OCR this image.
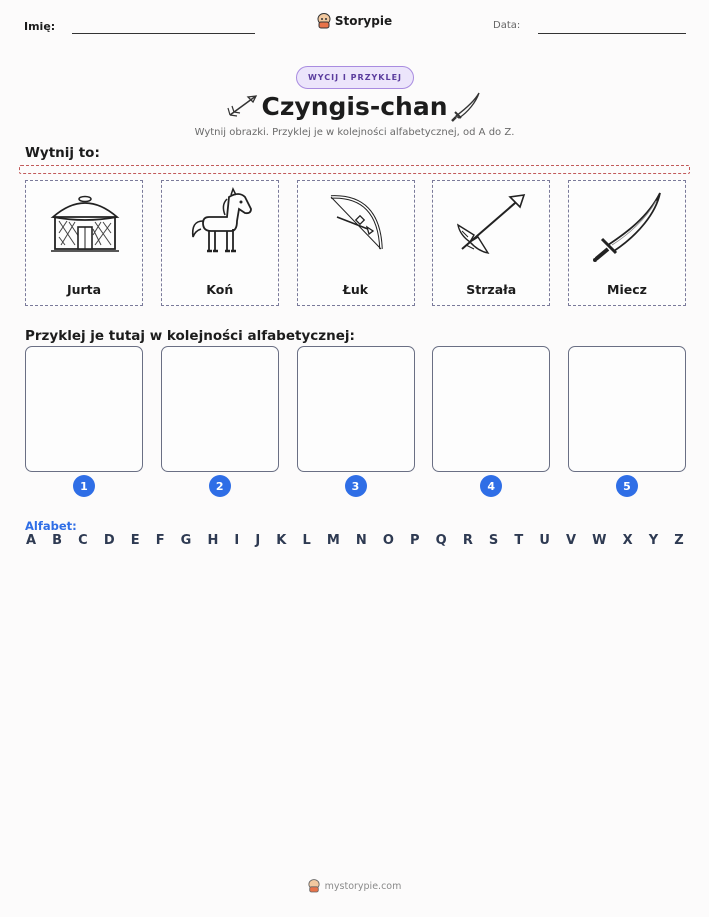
Imię:	Storypie	Data:
WYCIJ I PRZYKLEJ
Czyngis-chan
Wytnij obrazki. Przyklej je w kolejności alfabetycznej, od A do Z.
Wytnij to:
Jurta	Koń	Łuk	Strzała	Miecz
Przyklej je tutaj w kolejności alfabetycznej:
1	2	3	4	5
Alfabet:
A B C D E F G H I J K L M N O P Q R S T U V W X Y Z
mystorypie.com
